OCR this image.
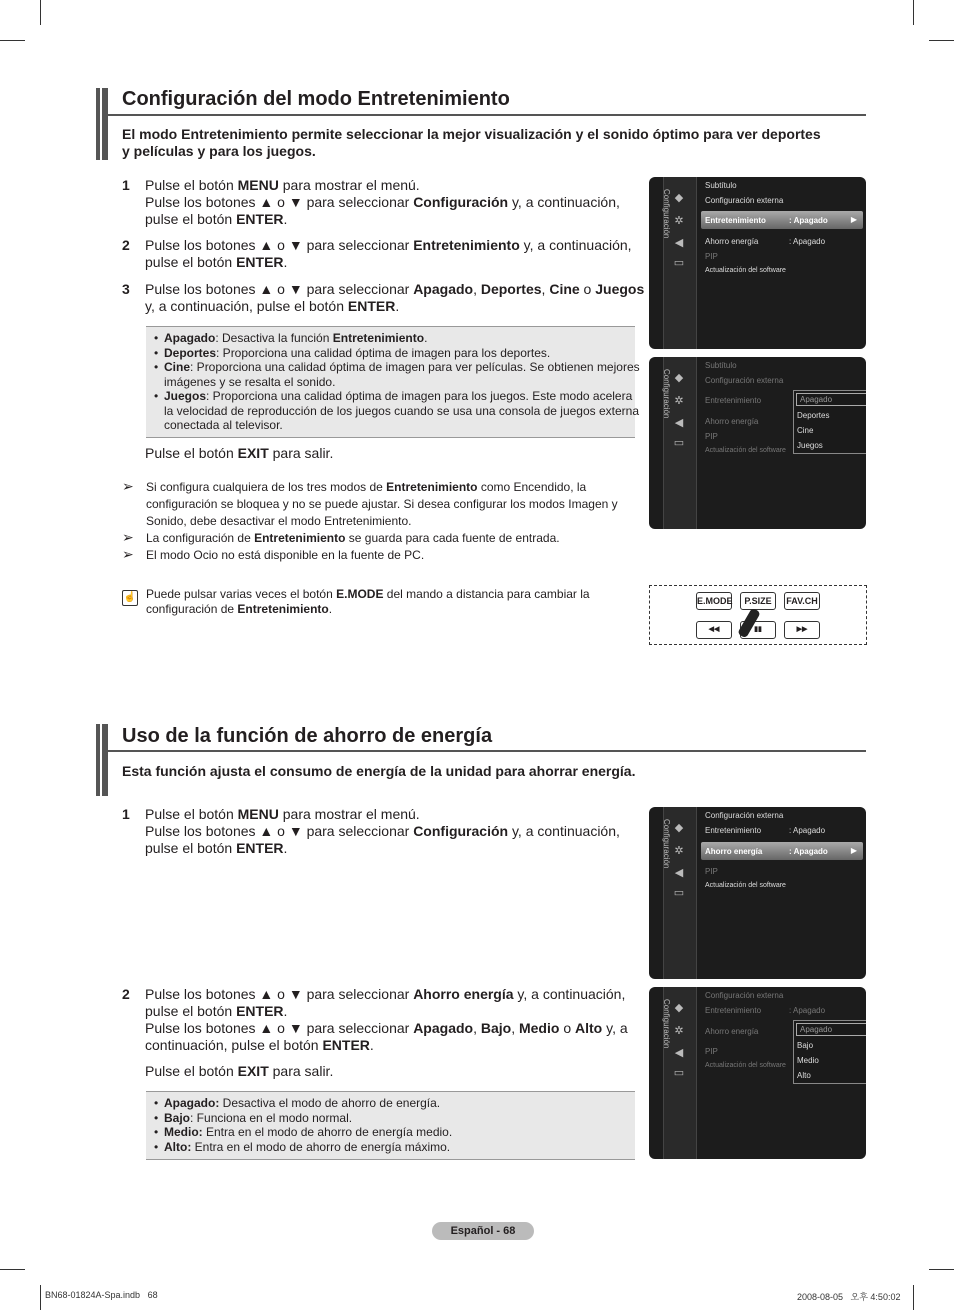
Configuración del modo Entretenimiento
El modo Entretenimiento permite seleccionar la mejor visualización y el sonido óptimo para ver deportes y películas y para los juegos.
1 Pulse el botón MENU para mostrar el menú.
Pulse los botones ▲ o ▼ para seleccionar Configuración y, a continuación,
pulse el botón ENTER.
2 Pulse los botones ▲ o ▼ para seleccionar Entretenimiento y, a continuación,
pulse el botón ENTER.
3 Pulse los botones ▲ o ▼ para seleccionar Apagado, Deportes, Cine o Juegos
y, a continuación, pulse el botón ENTER.
• Apagado: Desactiva la función Entretenimiento.
• Deportes: Proporciona una calidad óptima de imagen para los deportes.
• Cine: Proporciona una calidad óptima de imagen para ver películas. Se obtienen mejores
imágenes y se resalta el sonido.
• Juegos: Proporciona una calidad óptima de imagen para los juegos. Este modo acelera
la velocidad de reproducción de los juegos cuando se usa una consola de juegos externa
conectada al televisor.
Pulse el botón EXIT para salir.
➢ Si configura cualquiera de los tres modos de Entretenimiento como Encendido, la
configuración se bloquea y no se puede ajustar. Si desea configurar los modos Imagen y
Sonido, debe desactivar el modo Entretenimiento.
➢ La configuración de Entretenimiento se guarda para cada fuente de entrada.
➢ El modo Ocio no está disponible en la fuente de PC.
☝ Puede pulsar varias veces el botón E.MODE del mando a distancia para cambiar la
configuración de Entretenimiento.
Configuración ◆
✲
◀
▭
Subtítulo
Configuración externa
Entretenimiento	: Apagado	▶
Ahorro energía	: Apagado
PIP
Actualización del software
Configuración ◆
✲
◀
▭
Subtítulo
Configuración externa
Entretenimiento
Ahorro energía
PIP
Actualización del software
Apagado
Deportes
Cine
Juegos
E.MODE	P.SIZE	FAV.CH
◀◀	▮▮	▶▶
Uso de la función de ahorro de energía
Esta función ajusta el consumo de energía de la unidad para ahorrar energía.
1 Pulse el botón MENU para mostrar el menú.
Pulse los botones ▲ o ▼ para seleccionar Configuración y, a continuación,
pulse el botón ENTER.
2 Pulse los botones ▲ o ▼ para seleccionar Ahorro energía y, a continuación,
pulse el botón ENTER.
Pulse los botones ▲ o ▼ para seleccionar Apagado, Bajo, Medio o Alto y, a
continuación, pulse el botón ENTER.
Pulse el botón EXIT para salir.
• Apagado: Desactiva el modo de ahorro de energía.
• Bajo: Funciona en el modo normal.
• Medio: Entra en el modo de ahorro de energía medio.
• Alto: Entra en el modo de ahorro de energía máximo.
Configuración ◆
✲
◀
▭
Configuración externa
Entretenimiento	: Apagado
Ahorro energía	: Apagado	▶
PIP
Actualización del software
Configuración ◆
✲
◀
▭
Configuración externa
Entretenimiento	: Apagado
Ahorro energía
PIP
Actualización del software
Apagado
Bajo
Medio
Alto
Español - 68
BN68-01824A-Spa.indb   68	2008-08-05   오후 4:50:02
